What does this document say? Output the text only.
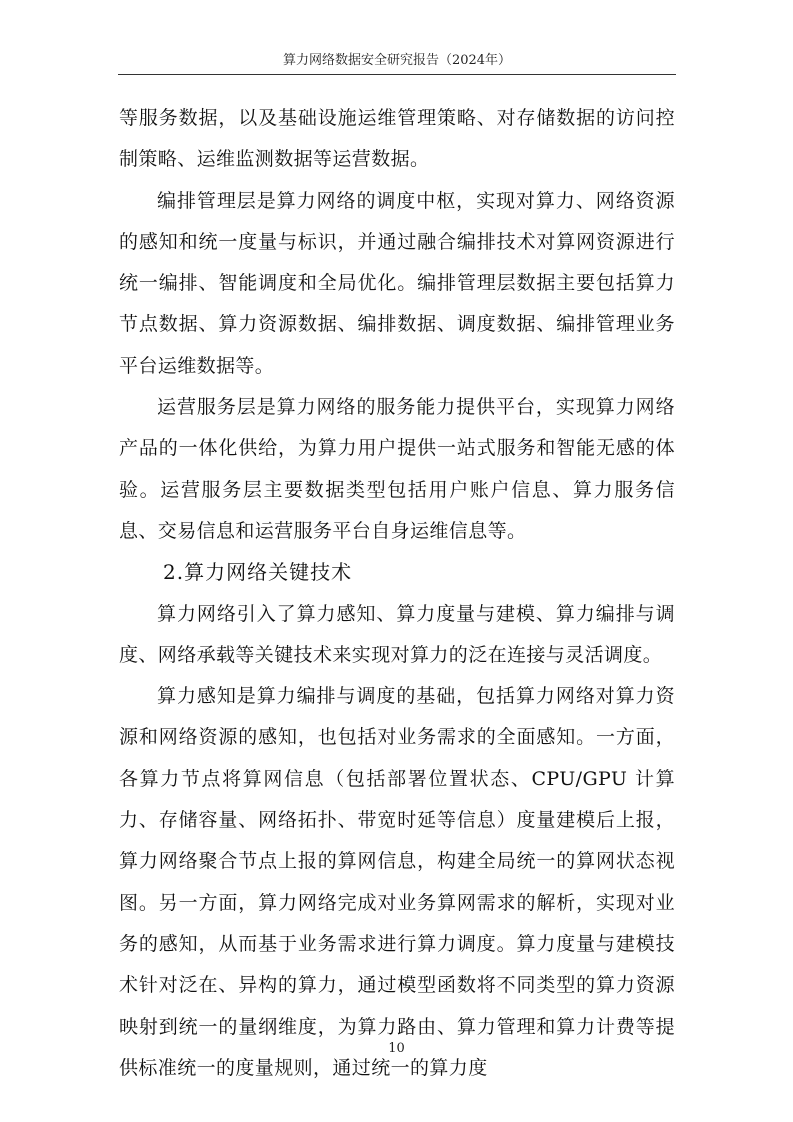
算力网络数据安全研究报告（2024年）

等服务数据，以及基础设施运维管理策略、对存储数据的访问控制策略、运维监测数据等运营数据。

编排管理层是算力网络的调度中枢，实现对算力、网络资源的感知和统一度量与标识，并通过融合编排技术对算网资源进行统一编排、智能调度和全局优化。编排管理层数据主要包括算力节点数据、算力资源数据、编排数据、调度数据、编排管理业务平台运维数据等。

运营服务层是算力网络的服务能力提供平台，实现算力网络产品的一体化供给，为算力用户提供一站式服务和智能无感的体验。运营服务层主要数据类型包括用户账户信息、算力服务信息、交易信息和运营服务平台自身运维信息等。

2.算力网络关键技术

算力网络引入了算力感知、算力度量与建模、算力编排与调度、网络承载等关键技术来实现对算力的泛在连接与灵活调度。

算力感知是算力编排与调度的基础，包括算力网络对算力资源和网络资源的感知，也包括对业务需求的全面感知。一方面，各算力节点将算网信息（包括部署位置状态、CPU/GPU 计算力、存储容量、网络拓扑、带宽时延等信息）度量建模后上报，算力网络聚合节点上报的算网信息，构建全局统一的算网状态视图。另一方面，算力网络完成对业务算网需求的解析，实现对业务的感知，从而基于业务需求进行算力调度。算力度量与建模技术针对泛在、异构的算力，通过模型函数将不同类型的算力资源映射到统一的量纲维度，为算力路由、算力管理和算力计费等提供标准统一的度量规则，通过统一的算力度

10
